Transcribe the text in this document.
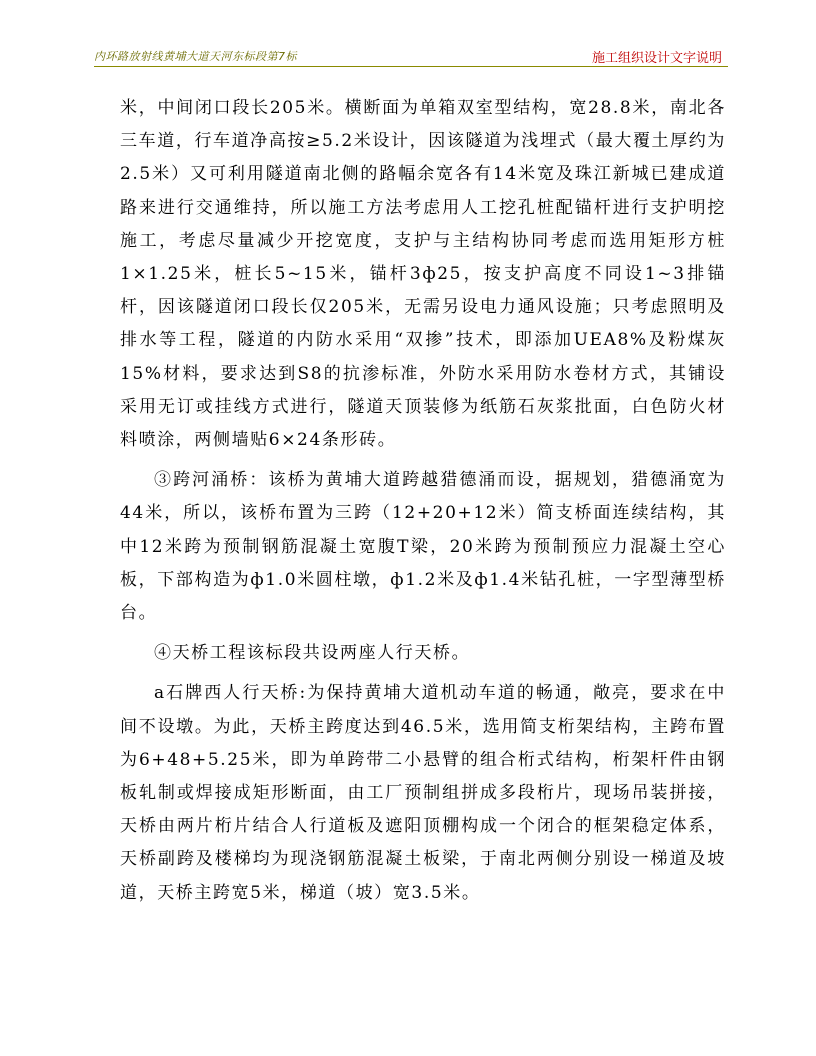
内环路放射线黄埔大道天河东标段第7标	施工组织设计文字说明

米，中间闭口段长205米。横断面为单箱双室型结构，宽28.8米，南北各三车道，行车道净高按≥5.2米设计，因该隧道为浅埋式（最大覆土厚约为2.5米）又可利用隧道南北侧的路幅余宽各有14米宽及珠江新城已建成道路来进行交通维持，所以施工方法考虑用人工挖孔桩配锚杆进行支护明挖施工，考虑尽量减少开挖宽度，支护与主结构协同考虑而选用矩形方桩1×1.25米，桩长5~15米，锚杆3ф25，按支护高度不同设1~3排锚杆，因该隧道闭口段长仅205米，无需另设电力通风设施；只考虑照明及排水等工程，隧道的内防水采用“双掺”技术，即添加UEA8%及粉煤灰15%材料，要求达到S8的抗渗标准，外防水采用防水卷材方式，其铺设采用无订或挂线方式进行，隧道天顶装修为纸筋石灰浆批面，白色防火材料喷涂，两侧墙贴6×24条形砖。

③跨河涌桥：该桥为黄埔大道跨越猎德涌而设，据规划，猎德涌宽为44米，所以，该桥布置为三跨（12+20+12米）简支桥面连续结构，其中12米跨为预制钢筋混凝土宽腹T梁，20米跨为预制预应力混凝土空心板，下部构造为ф1.0米圆柱墩，ф1.2米及ф1.4米钻孔桩，一字型薄型桥台。

④天桥工程该标段共设两座人行天桥。

a石牌西人行天桥:为保持黄埔大道机动车道的畅通，敞亮，要求在中间不设墩。为此，天桥主跨度达到46.5米，选用简支桁架结构，主跨布置为6+48+5.25米，即为单跨带二小悬臂的组合桁式结构，桁架杆件由钢板轧制或焊接成矩形断面，由工厂预制组拼成多段桁片，现场吊装拼接，天桥由两片桁片结合人行道板及遮阳顶棚构成一个闭合的框架稳定体系，天桥副跨及楼梯均为现浇钢筋混凝土板梁，于南北两侧分别设一梯道及坡道，天桥主跨宽5米，梯道（坡）宽3.5米。
